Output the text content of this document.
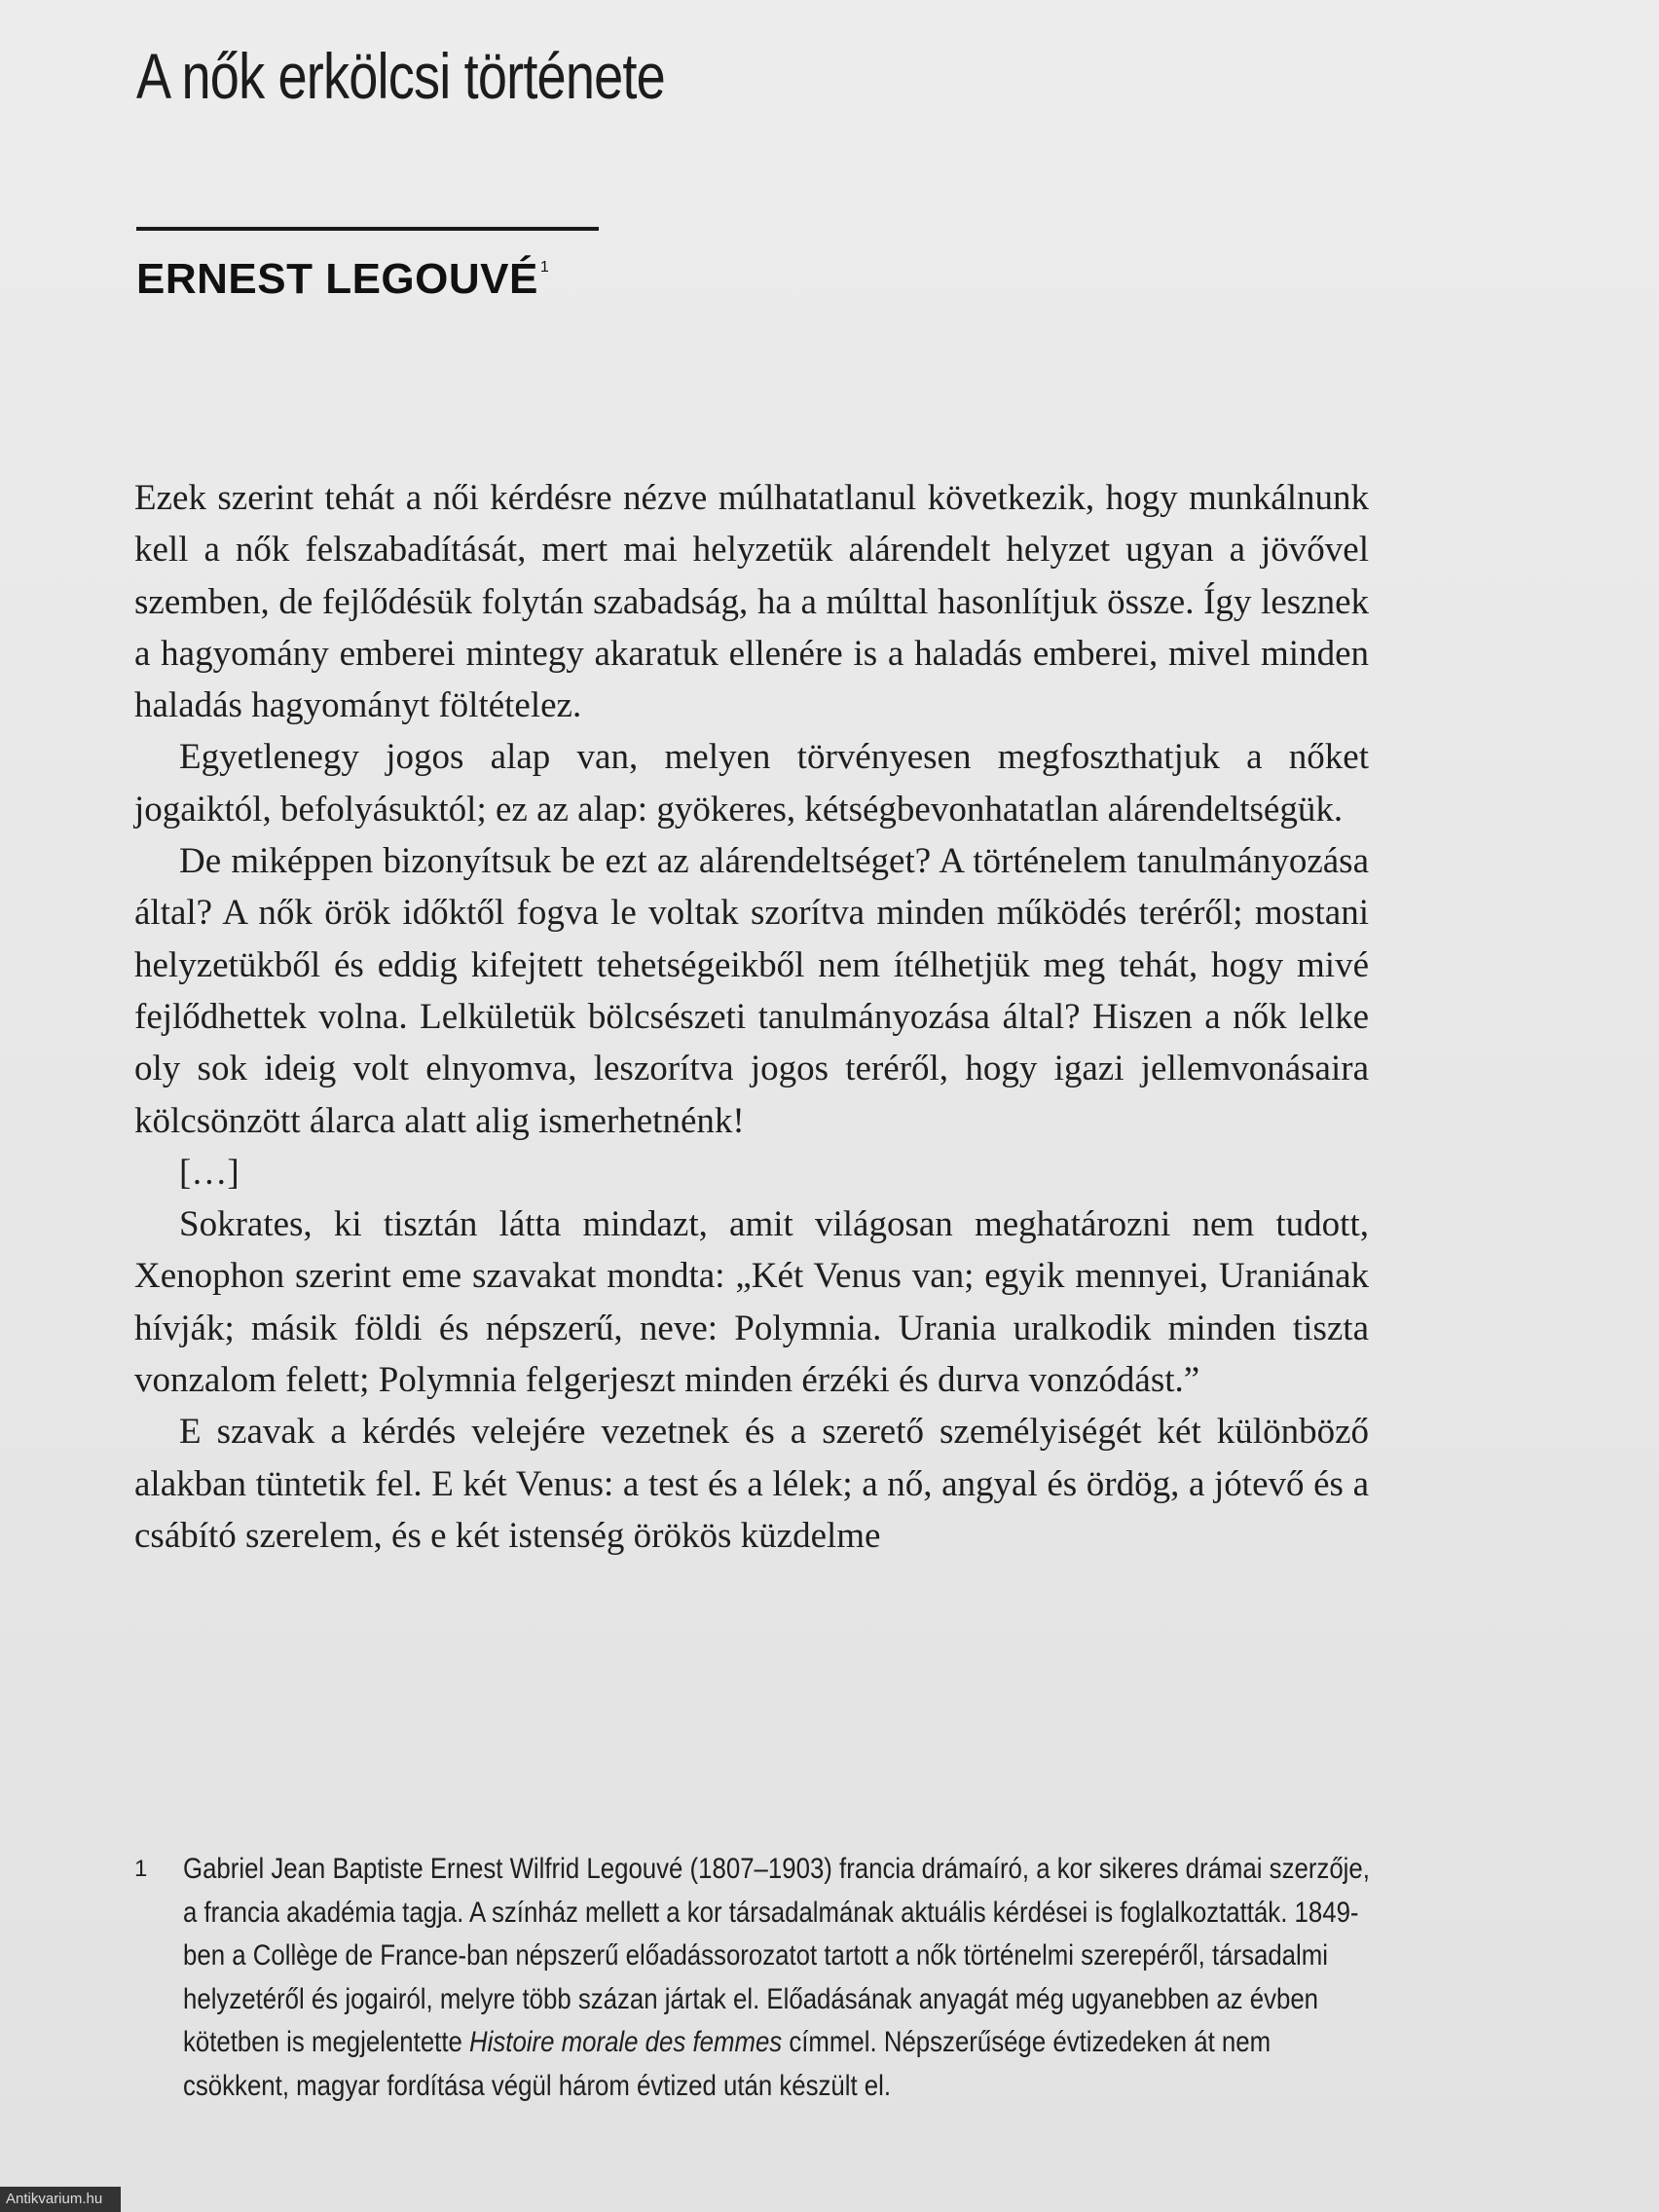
A nők erkölcsi története
ERNEST LEGOUVÉ $^1$

Ezek szerint tehát a női kérdésre nézve múlhatatlanul következik, hogy munkálnunk kell a nők felszabadítását, mert mai helyzetük alárendelt helyzet ugyan a jövővel szemben, de fejlődésük folytán szabadság, ha a múlttal hasonlítjuk össze. Így lesznek a hagyomány emberei mintegy akaratuk ellenére is a haladás emberei, mivel minden haladás hagyományt föltételez.

Egyetlenegy jogos alap van, melyen törvényesen megfoszthatjuk a nőket jogaiktól, befolyásuktól; ez az alap: gyökeres, kétségbevonhatatlan alárendeltségük.

De miképpen bizonyítsuk be ezt az alárendeltséget? A történelem tanulmányozása által? A nők örök időktől fogva le voltak szorítva minden működés teréről; mostani helyzetükből és eddig kifejtett tehetségeikből nem ítélhetjük meg tehát, hogy mivé fejlődhettek volna. Lelkületük bölcsészeti tanulmányozása által? Hiszen a nők lelke oly sok ideig volt elnyomva, leszorítva jogos teréről, hogy igazi jellemvonásaira kölcsönzött álarca alatt alig ismerhetnénk!

[…]

Sokrates, ki tisztán látta mindazt, amit világosan meghatározni nem tudott, Xenophon szerint eme szavakat mondta: „Két Venus van; egyik mennyei, Uraniának hívják; másik földi és népszerű, neve: Polymnia. Urania uralkodik minden tiszta vonzalom felett; Polymnia felgerjeszt minden érzéki és durva vonzódást.”

E szavak a kérdés velejére vezetnek és a szerető személyiségét két különböző alakban tüntetik fel. E két Venus: a test és a lélek; a nő, angyal és ördög, a jótevő és a csábító szerelem, és e két istenség örökös küzdelme

1 Gabriel Jean Baptiste Ernest Wilfrid Legouvé (1807–1903) francia drámaíró, a kor sikeres drámai szerzője, a francia akadémia tagja. A színház mellett a kor társadalmának aktuális kérdései is foglalkoztatták. 1849-ben a Collège de France-ban népszerű előadássorozatot tartott a nők történelmi szerepéről, társadalmi helyzetéről és jogairól, melyre több százan jártak el. Előadásának anyagát még ugyanebben az évben kötetben is megjelentette Histoire morale des femmes címmel. Népszerűsége évtizedeken át nem csökkent, magyar fordítása végül három évtized után készült el.

Antikvarium.hu
